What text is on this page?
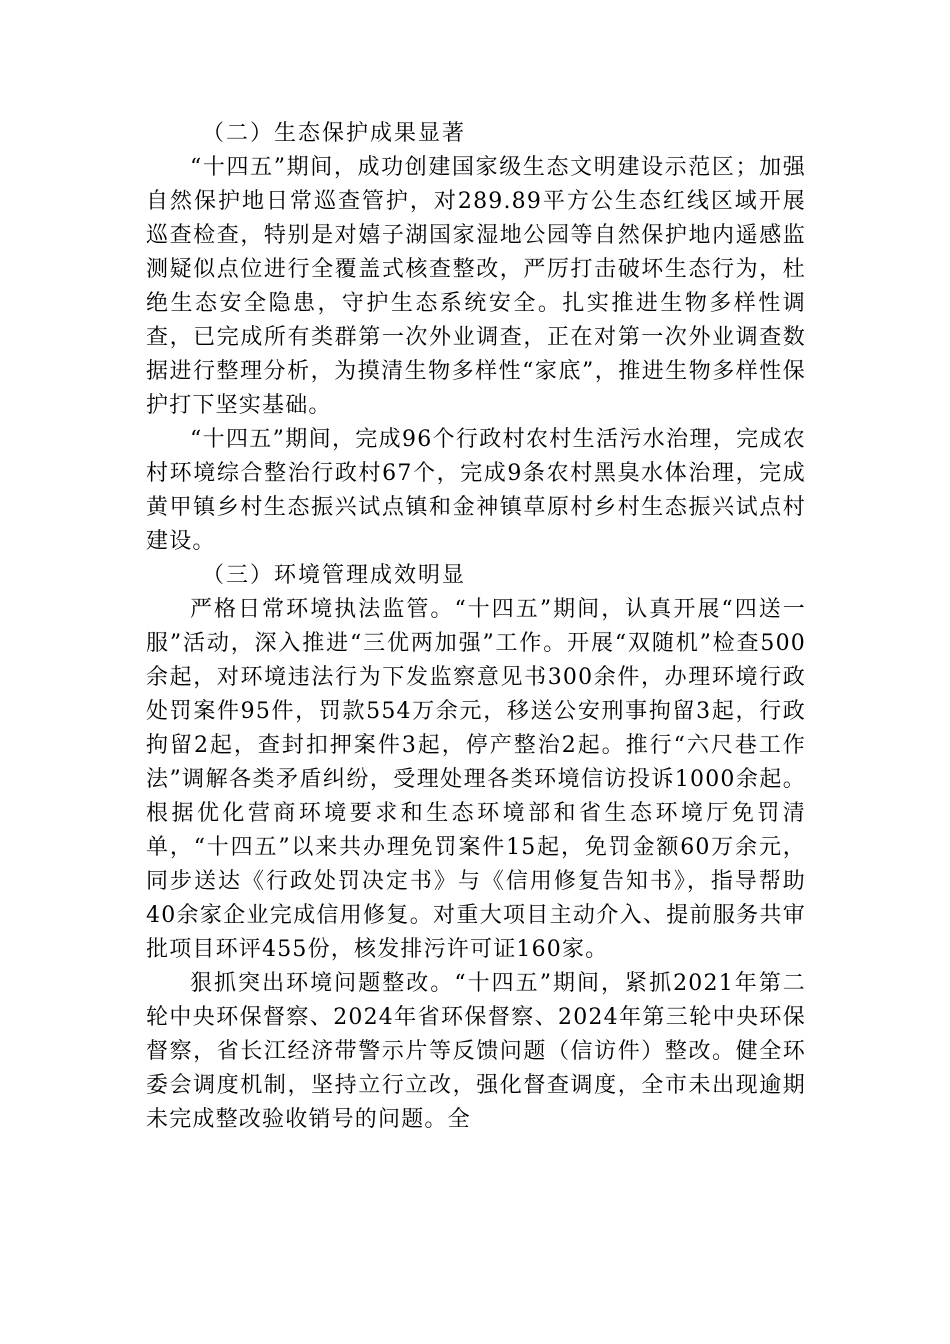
（二）生态保护成果显著

“十四五”期间，成功创建国家级生态文明建设示范区；加强自然保护地日常巡查管护，对289.89平方公生态红线区域开展巡查检查，特别是对嬉子湖国家湿地公园等自然保护地内遥感监测疑似点位进行全覆盖式核查整改，严厉打击破坏生态行为，杜绝生态安全隐患，守护生态系统安全。扎实推进生物多样性调查，已完成所有类群第一次外业调查，正在对第一次外业调查数据进行整理分析，为摸清生物多样性“家底”，推进生物多样性保护打下坚实基础。

“十四五”期间，完成96个行政村农村生活污水治理，完成农村环境综合整治行政村67个，完成9条农村黑臭水体治理，完成黄甲镇乡村生态振兴试点镇和金神镇草原村乡村生态振兴试点村建设。

（三）环境管理成效明显

严格日常环境执法监管。“十四五”期间，认真开展“四送一服”活动，深入推进“三优两加强”工作。开展“双随机”检查500余起，对环境违法行为下发监察意见书300余件，办理环境行政处罚案件95件，罚款554万余元，移送公安刑事拘留3起，行政拘留2起，查封扣押案件3起，停产整治2起。推行“六尺巷工作法”调解各类矛盾纠纷，受理处理各类环境信访投诉1000余起。根据优化营商环境要求和生态环境部和省生态环境厅免罚清单，“十四五”以来共办理免罚案件15起，免罚金额60万余元，同步送达《行政处罚决定书》与《信用修复告知书》，指导帮助40余家企业完成信用修复。对重大项目主动介入、提前服务共审批项目环评455份，核发排污许可证160家。

狠抓突出环境问题整改。“十四五”期间，紧抓2021年第二轮中央环保督察、2024年省环保督察、2024年第三轮中央环保督察，省长江经济带警示片等反馈问题（信访件）整改。健全环委会调度机制，坚持立行立改，强化督查调度，全市未出现逾期未完成整改验收销号的问题。全
